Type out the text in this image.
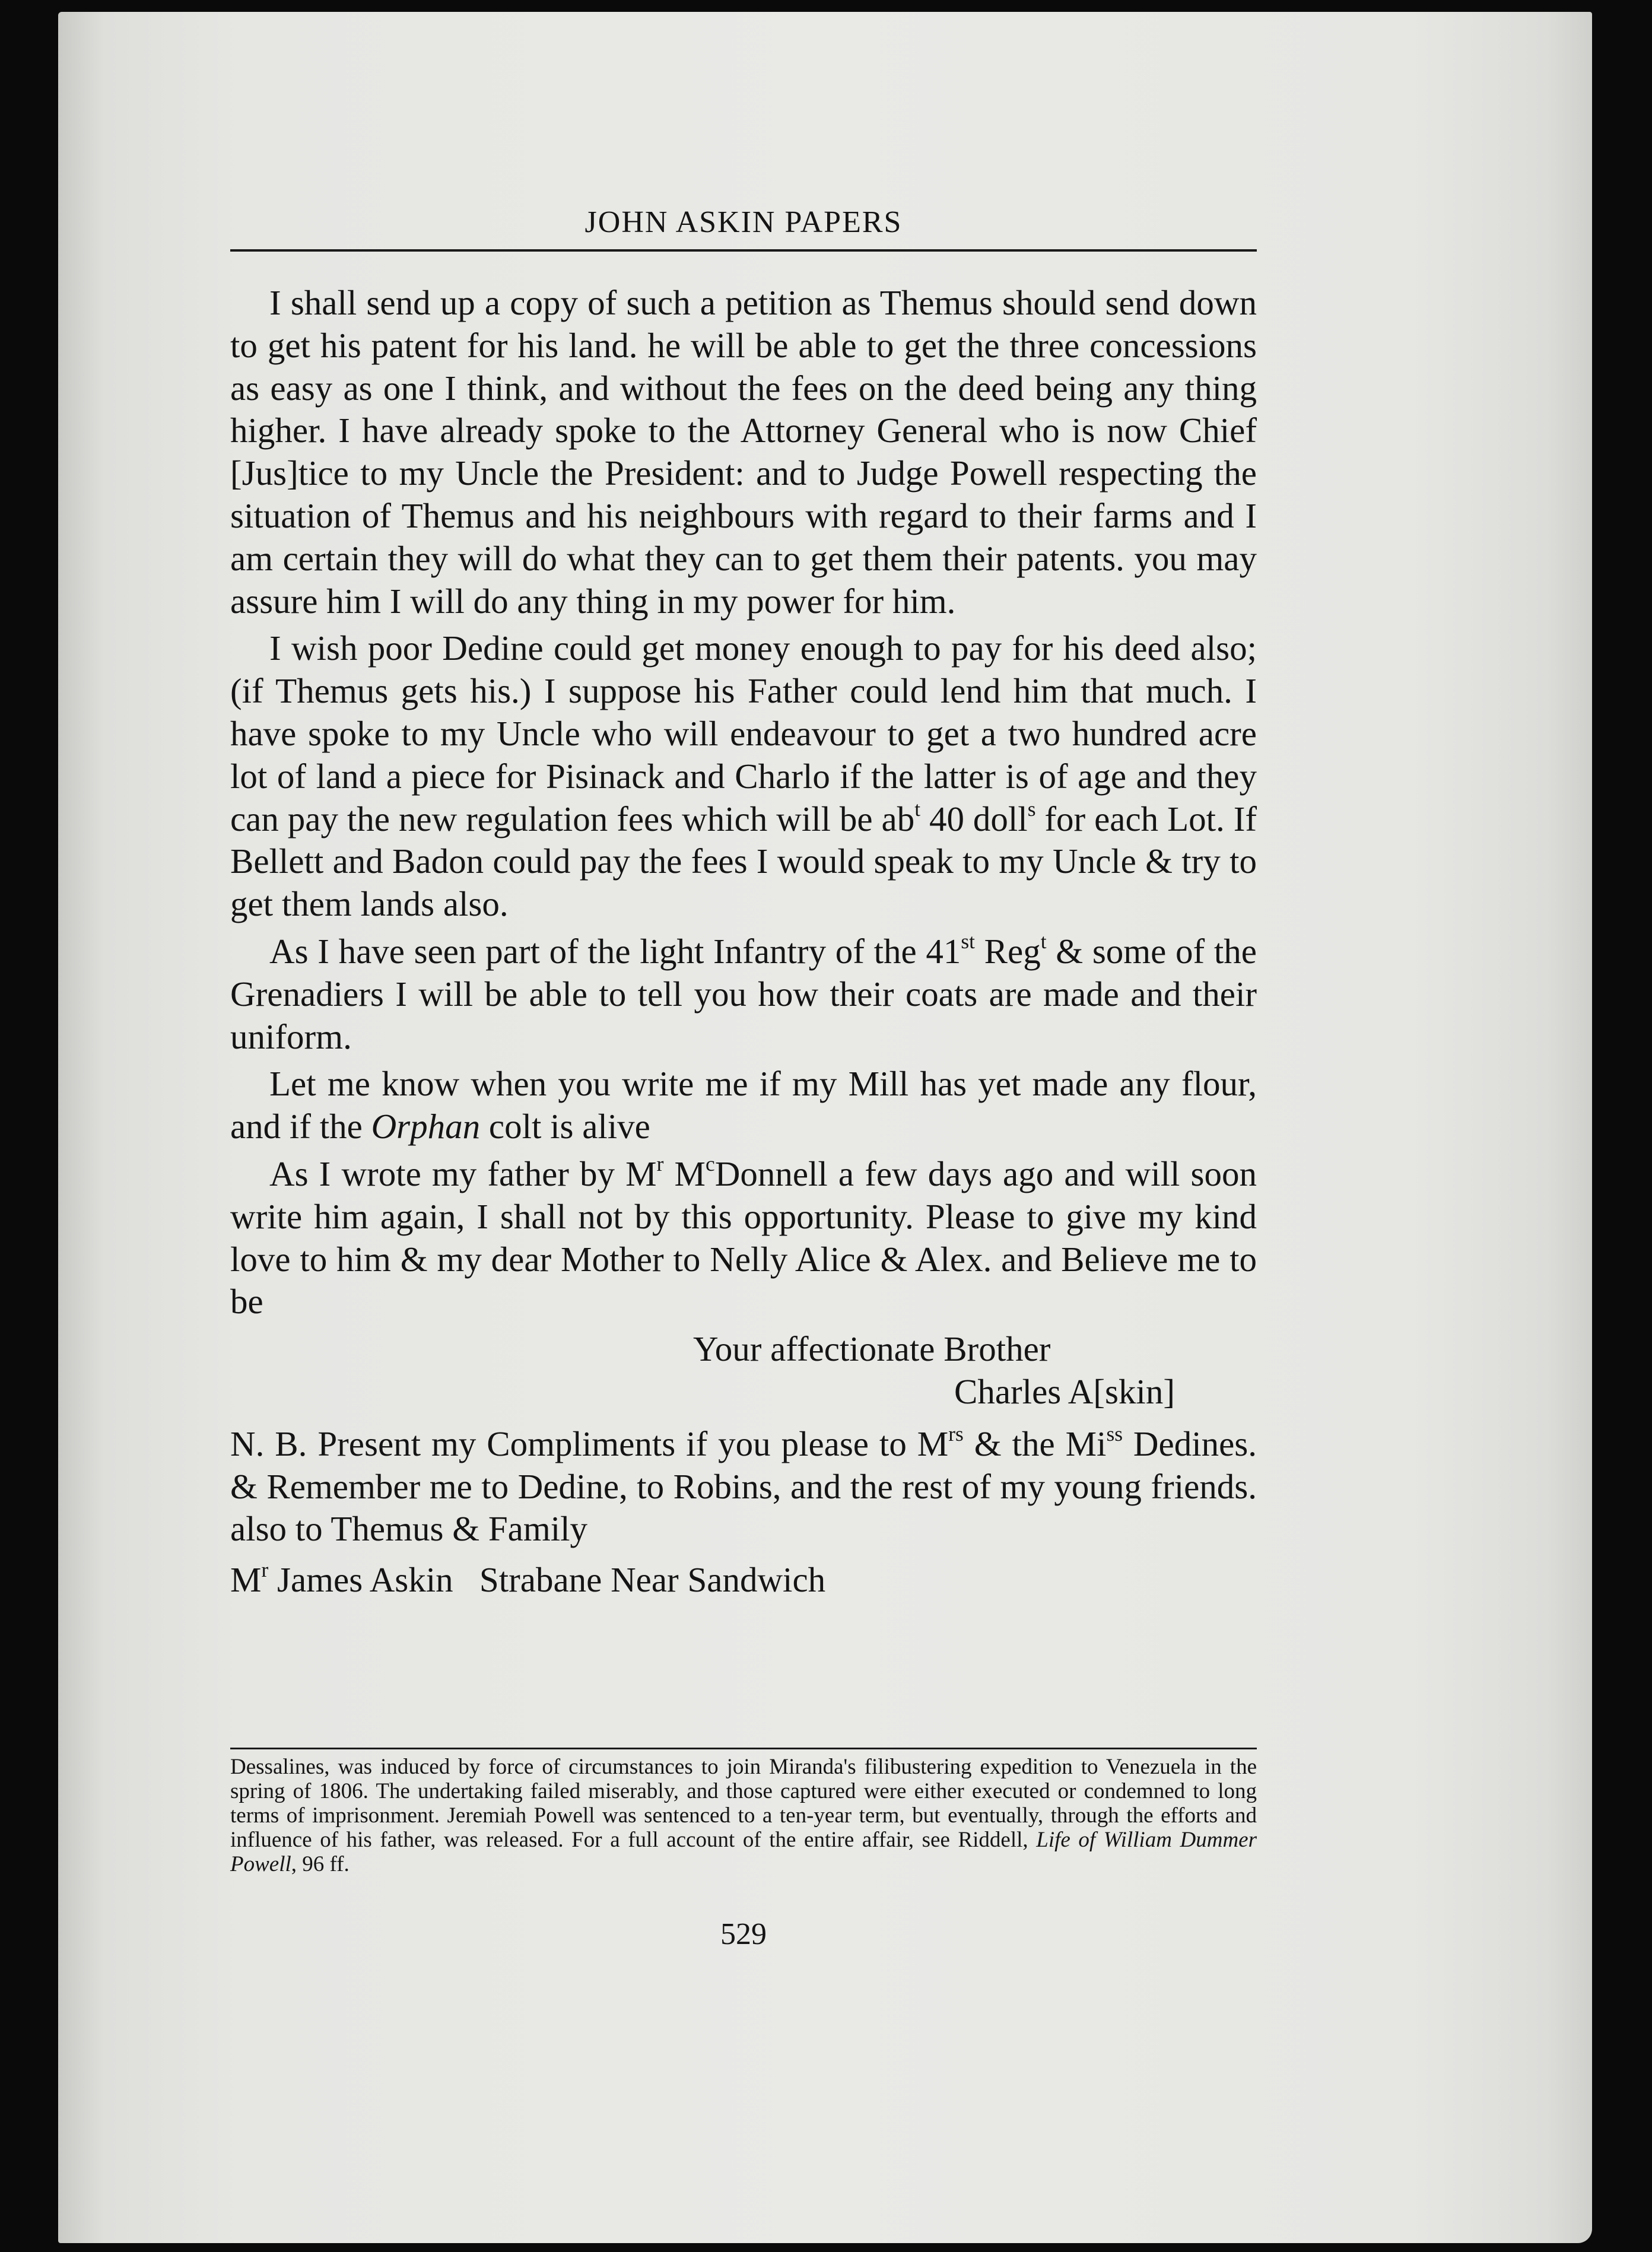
JOHN ASKIN PAPERS

I shall send up a copy of such a petition as Themus should send down to get his patent for his land. he will be able to get the three concessions as easy as one I think, and without the fees on the deed being any thing higher. I have already spoke to the Attorney General who is now Chief [Jus]tice to my Uncle the President: and to Judge Powell respecting the situation of Themus and his neighbours with regard to their farms and I am certain they will do what they can to get them their patents. you may assure him I will do any thing in my power for him.

I wish poor Dedine could get money enough to pay for his deed also; (if Themus gets his.) I suppose his Father could lend him that much. I have spoke to my Uncle who will endeavour to get a two hundred acre lot of land a piece for Pisinack and Charlo if the latter is of age and they can pay the new regulation fees which will be $ab^t$ 40 doll$^s$ for each Lot. If Bellett and Badon could pay the fees I would speak to my Uncle & try to get them lands also.

As I have seen part of the light Infantry of the 41st Reg$^t$ & some of the Grenadiers I will be able to tell you how their coats are made and their uniform.

Let me know when you write me if my Mill has yet made any flour, and if the Orphan colt is alive

As I wrote my father by $M^r$ $M^cDonnell$ a few days ago and will soon write him again, I shall not by this opportunity. Please to give my kind love to him & my dear Mother to Nelly Alice & Alex. and Believe me to be

Your affectionate Brother

Charles A[skin]

N. B. Present my Compliments if you please to $M^{rs}$ & the $Mi^{ss}$ Dedines. & Remember me to Dedine, to Robins, and the rest of my young friends. also to Themus & Family

$M^r$ James Askin   Strabane Near Sandwich

Dessalines, was induced by force of circumstances to join Miranda's filibustering expedition to Venezuela in the spring of 1806. The undertaking failed miserably, and those captured were either executed or condemned to long terms of imprisonment. Jeremiah Powell was sentenced to a ten-year term, but eventually, through the efforts and influence of his father, was released. For a full account of the entire affair, see Riddell, Life of William Dummer Powell, 96 ff.
529
